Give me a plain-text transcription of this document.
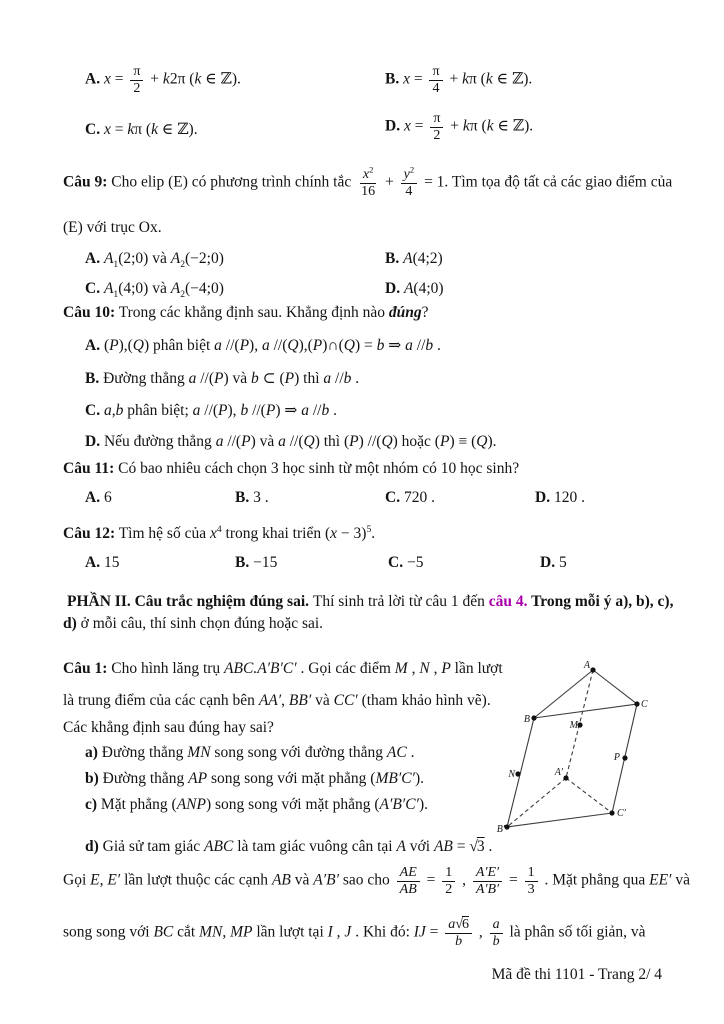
A. $x = \frac{\pi}{2} + k2\pi$ (k ∈ ℤ).	B. $x = \frac{\pi}{4} + k\pi$ (k ∈ ℤ).
C. x = kπ (k ∈ ℤ).	D. $x = \frac{\pi}{2} + k\pi$ (k ∈ ℤ).
Câu 9: Cho elip (E) có phương trình chính tắc $\frac{x^2}{16} + \frac{y^2}{4} = 1$. Tìm tọa độ tất cả các giao điểm của
(E) với trục Ox.
A. $A_1(2;0)$ và $A_2(-2;0)$	B. A(4;2)
C. $A_1(4;0)$ và $A_2(-4;0)$	D. A(4;0)
Câu 10: Trong các khẳng định sau. Khẳng định nào đúng?
A. (P),(Q) phân biệt a //(P), a //(Q),(P)∩(Q) = b ⇒ a //b .
B. Đường thẳng a //(P) và b ⊂ (P) thì a //b .
C. a,b phân biệt; a //(P), b //(P) ⇒ a //b .
D. Nếu đường thẳng a //(P) và a //(Q) thì (P) //(Q) hoặc (P) ≡ (Q).
Câu 11: Có bao nhiêu cách chọn 3 học sinh từ một nhóm có 10 học sinh?
A. 6	B. 3 .	C. 720 .	D. 120 .
Câu 12: Tìm hệ số của $x^4$ trong khai triển $(x - 3)^5$.
A. 15	B. −15	C. −5	D. 5
PHẦN II. Câu trắc nghiệm đúng sai. Thí sinh trả lời từ câu 1 đến câu 4. Trong mỗi ý a), b), c),
d) ở mỗi câu, thí sinh chọn đúng hoặc sai.
Câu 1: Cho hình lăng trụ ABC.A′B′C′ . Gọi các điểm M , N , P lần lượt
là trung điểm của các cạnh bên AA′, BB′ và CC′ (tham khảo hình vẽ).
Các khẳng định sau đúng hay sai?
a) Đường thẳng MN song song với đường thẳng AC .
b) Đường thẳng AP song song với mặt phẳng (MB′C′).
c) Mặt phẳng (ANP) song song với mặt phẳng (A′B′C′).
d) Giả sử tam giác ABC là tam giác vuông cân tại A với AB = √3 .
Gọi E, E′ lần lượt thuộc các cạnh AB và A′B′ sao cho $\frac{AE}{AB} = \frac{1}{2}$ , $\frac{A'E'}{A'B'} = \frac{1}{3}$ . Mặt phẳng qua EE′ và
song song với BC cắt MN, MP lần lượt tại I , J . Khi đó: IJ = $\frac{a√6}{b}$ , $\frac{a}{b}$ là phân số tối giản, và
A
B
C
M
N
P
A′
B′
C′
Mã đề thi 1101 - Trang 2/ 4
